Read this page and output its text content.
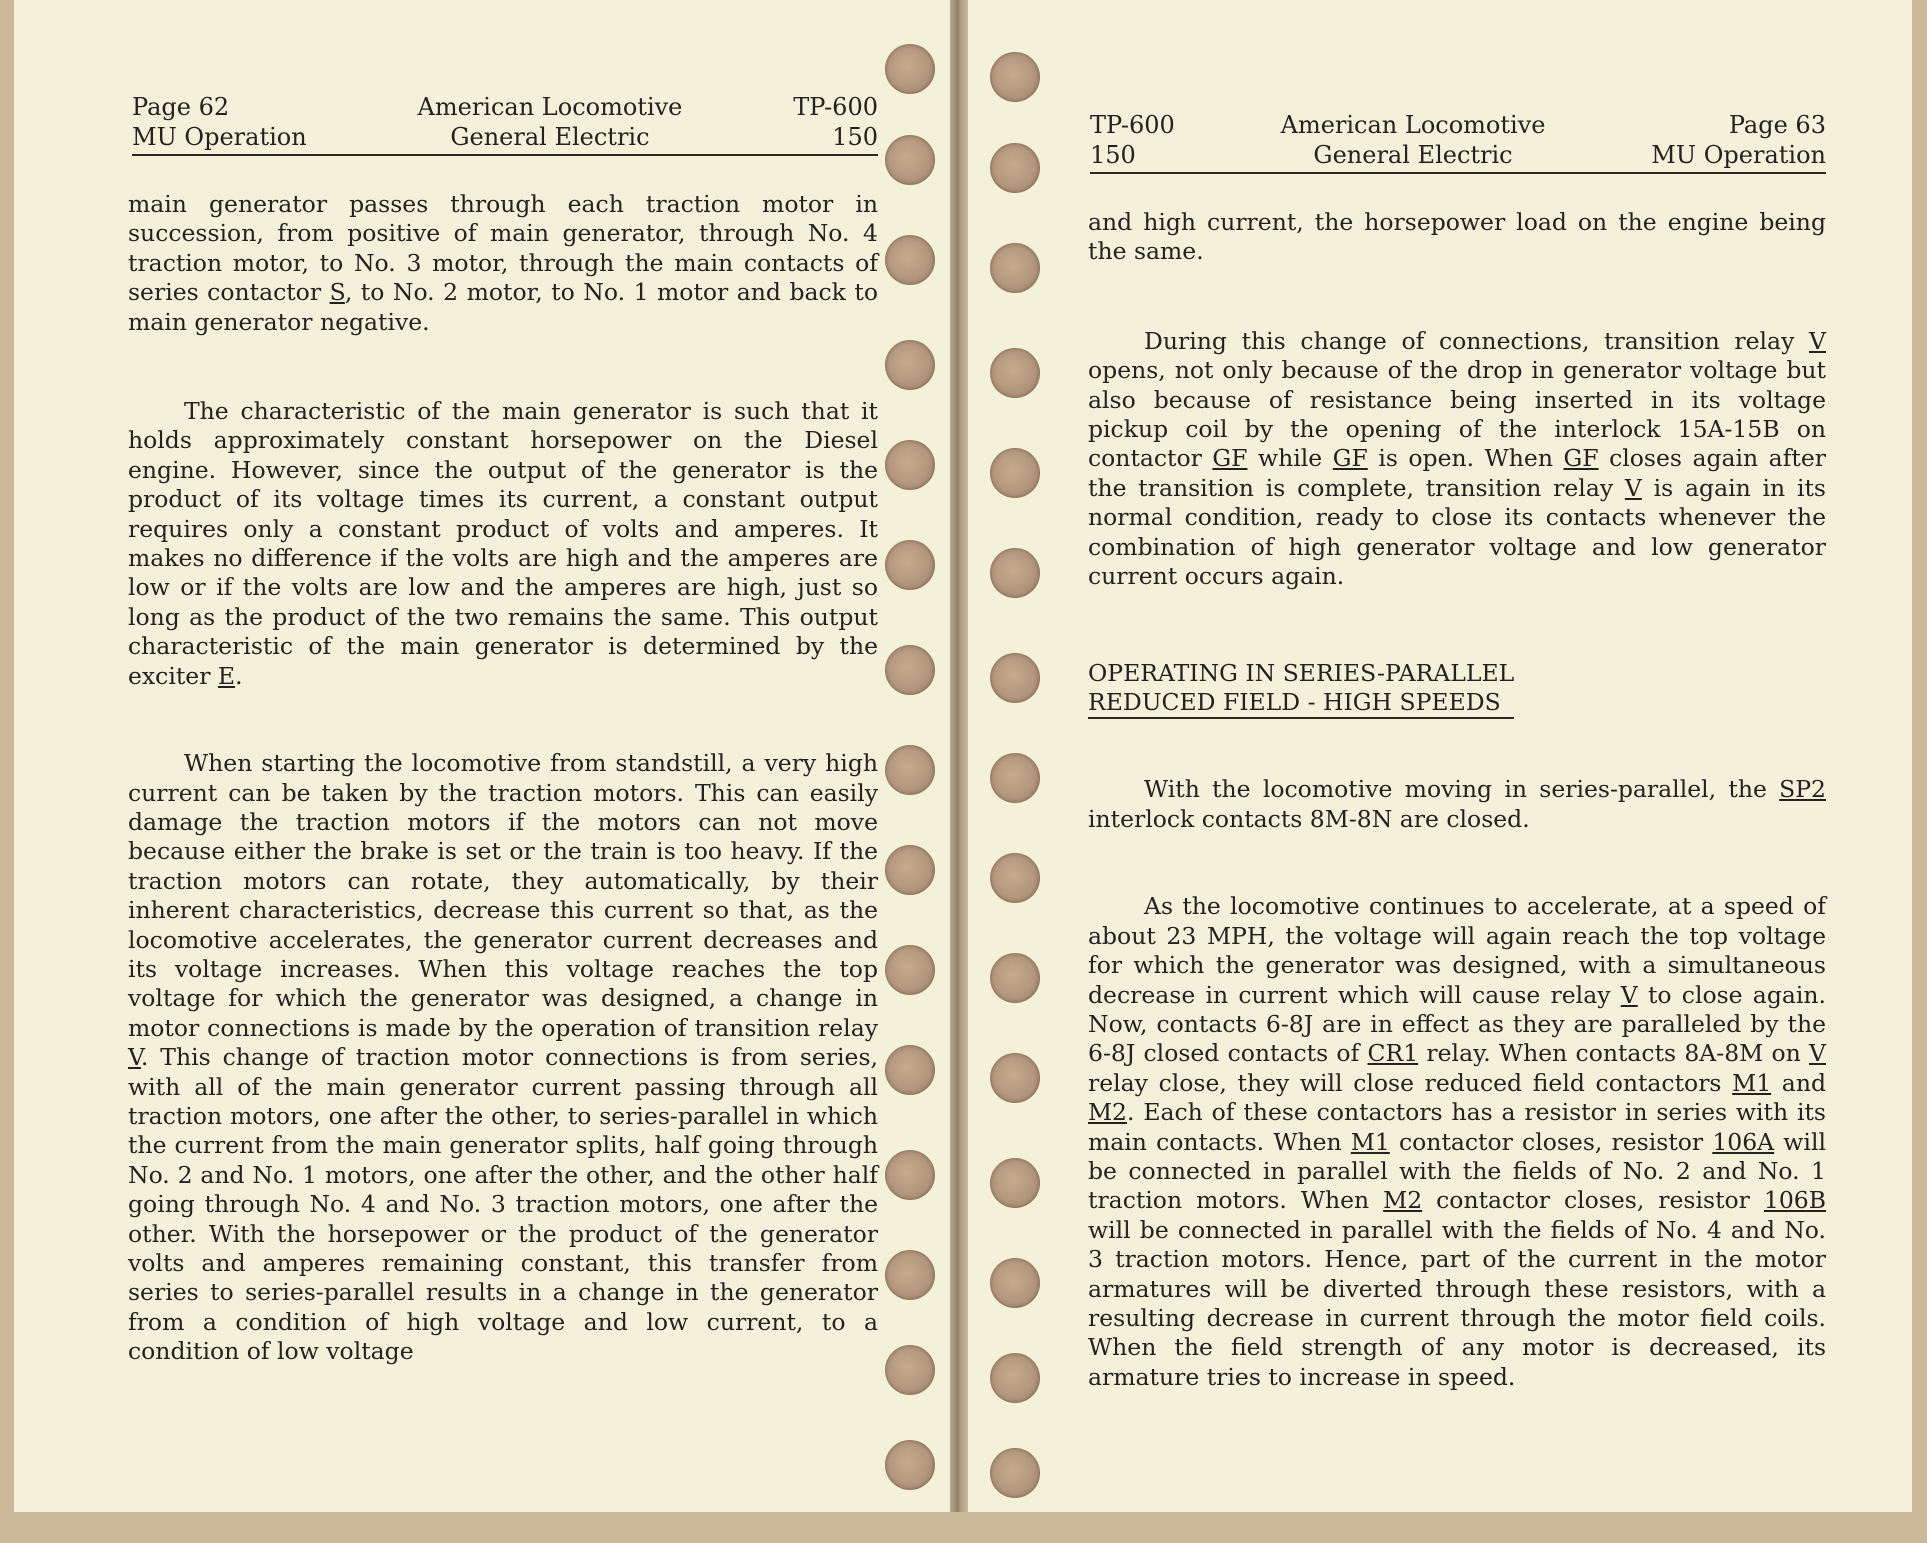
Page 62
MU Operation
American Locomotive
General Electric
TP-600
150

main generator passes through each traction motor in succession, from positive of main generator, through No. 4 traction motor, to No. 3 motor, through the main contacts of series contactor S, to No. 2 motor, to No. 1 motor and back to main generator negative.

The characteristic of the main generator is such that it holds approximately constant horsepower on the Diesel engine. However, since the output of the generator is the product of its voltage times its current, a constant output requires only a constant product of volts and amperes. It makes no difference if the volts are high and the amperes are low or if the volts are low and the amperes are high, just so long as the product of the two remains the same. This output characteristic of the main generator is determined by the exciter E.

When starting the locomotive from standstill, a very high current can be taken by the traction motors. This can easily damage the traction motors if the motors can not move because either the brake is set or the train is too heavy. If the traction motors can rotate, they automatically, by their inherent characteristics, decrease this current so that, as the locomotive accelerates, the generator current decreases and its voltage increases. When this voltage reaches the top voltage for which the generator was designed, a change in motor connections is made by the operation of transition relay V. This change of traction motor connections is from series, with all of the main generator current passing through all traction motors, one after the other, to series-parallel in which the current from the main generator splits, half going through No. 2 and No. 1 motors, one after the other, and the other half going through No. 4 and No. 3 traction motors, one after the other. With the horsepower or the product of the generator volts and amperes remaining constant, this transfer from series to series-parallel results in a change in the generator from a condition of high voltage and low current, to a condition of low voltage

TP-600
150
American Locomotive
General Electric
Page 63
MU Operation

and high current, the horsepower load on the engine being the same.

During this change of connections, transition relay V opens, not only because of the drop in generator voltage but also because of resistance being inserted in its voltage pickup coil by the opening of the interlock 15A-15B on contactor GF while GF is open. When GF closes again after the transition is complete, transition relay V is again in its normal condition, ready to close its contacts whenever the combination of high generator voltage and low generator current occurs again.

OPERATING IN SERIES-PARALLEL
REDUCED FIELD - HIGH SPEEDS

With the locomotive moving in series-parallel, the SP2 interlock contacts 8M-8N are closed.

As the locomotive continues to accelerate, at a speed of about 23 MPH, the voltage will again reach the top voltage for which the generator was designed, with a simultaneous decrease in current which will cause relay V to close again. Now, contacts 6-8J are in effect as they are paralleled by the 6-8J closed contacts of CR1 relay. When contacts 8A-8M on V relay close, they will close reduced field contactors M1 and M2. Each of these contactors has a resistor in series with its main contacts. When M1 contactor closes, resistor 106A will be connected in parallel with the fields of No. 2 and No. 1 traction motors. When M2 contactor closes, resistor 106B will be connected in parallel with the fields of No. 4 and No. 3 traction motors. Hence, part of the current in the motor armatures will be diverted through these resistors, with a resulting decrease in current through the motor field coils. When the field strength of any motor is decreased, its armature tries to increase in speed.
